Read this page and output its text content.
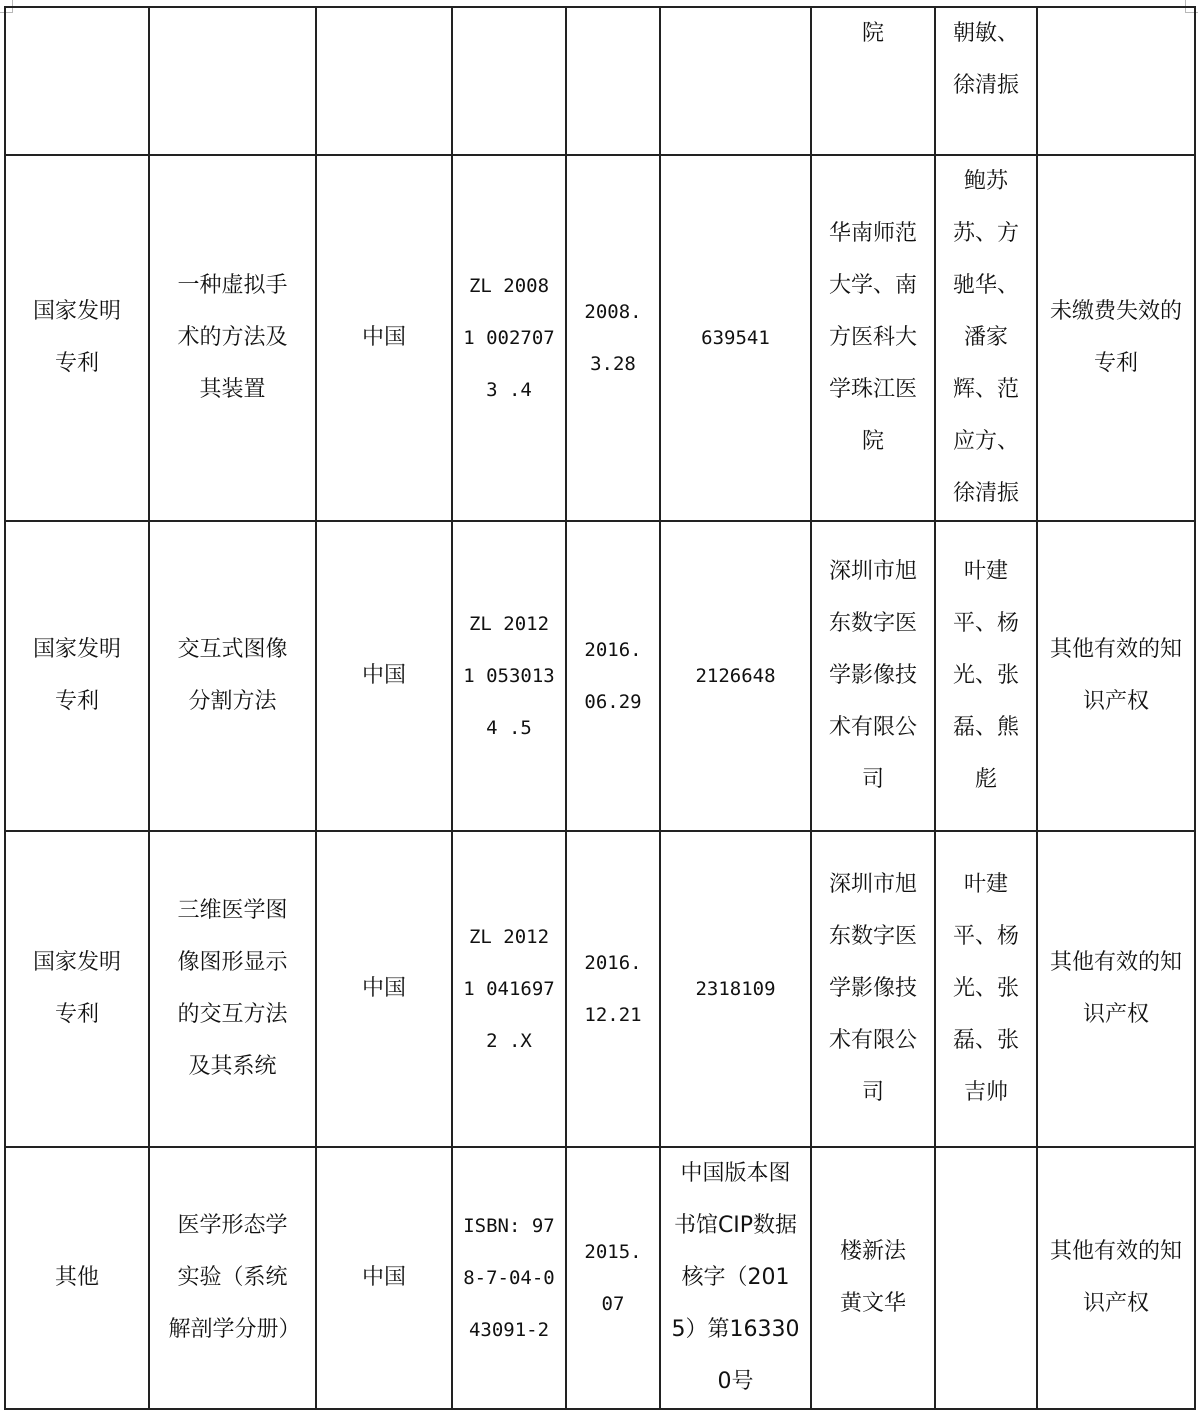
						院	朝敏、徐清振	

国家发明专利	一种虚拟手术的方法及其装置	中国	ZL 2008 1 0027073 .4	2008. 3.28	639541	华南师范大学、南方医科大学珠江医院	鲍苏苏、方驰华、潘家辉、范应方、徐清振	未缴费失效的专利

国家发明专利	交互式图像分割方法	中国	ZL 2012 1 0530134 .5	2016. 06.29	2126648	深圳市旭东数字医学影像技术有限公司	叶建平、杨光、张磊、熊彪	其他有效的知识产权

国家发明专利	三维医学图像图形显示的交互方法及其系统	中国	ZL 2012 1 0416972 .X	2016. 12.21	2318109	深圳市旭东数字医学影像技术有限公司	叶建平、杨光、张磊、张吉帅	其他有效的知识产权

其他	医学形态学实验（系统解剖学分册）	中国	ISBN: 978-7-04-043091-2	2015. 07	中国版本图书馆CIP数据核字（2015）第163300号	楼新法黄文华		其他有效的知识产权
